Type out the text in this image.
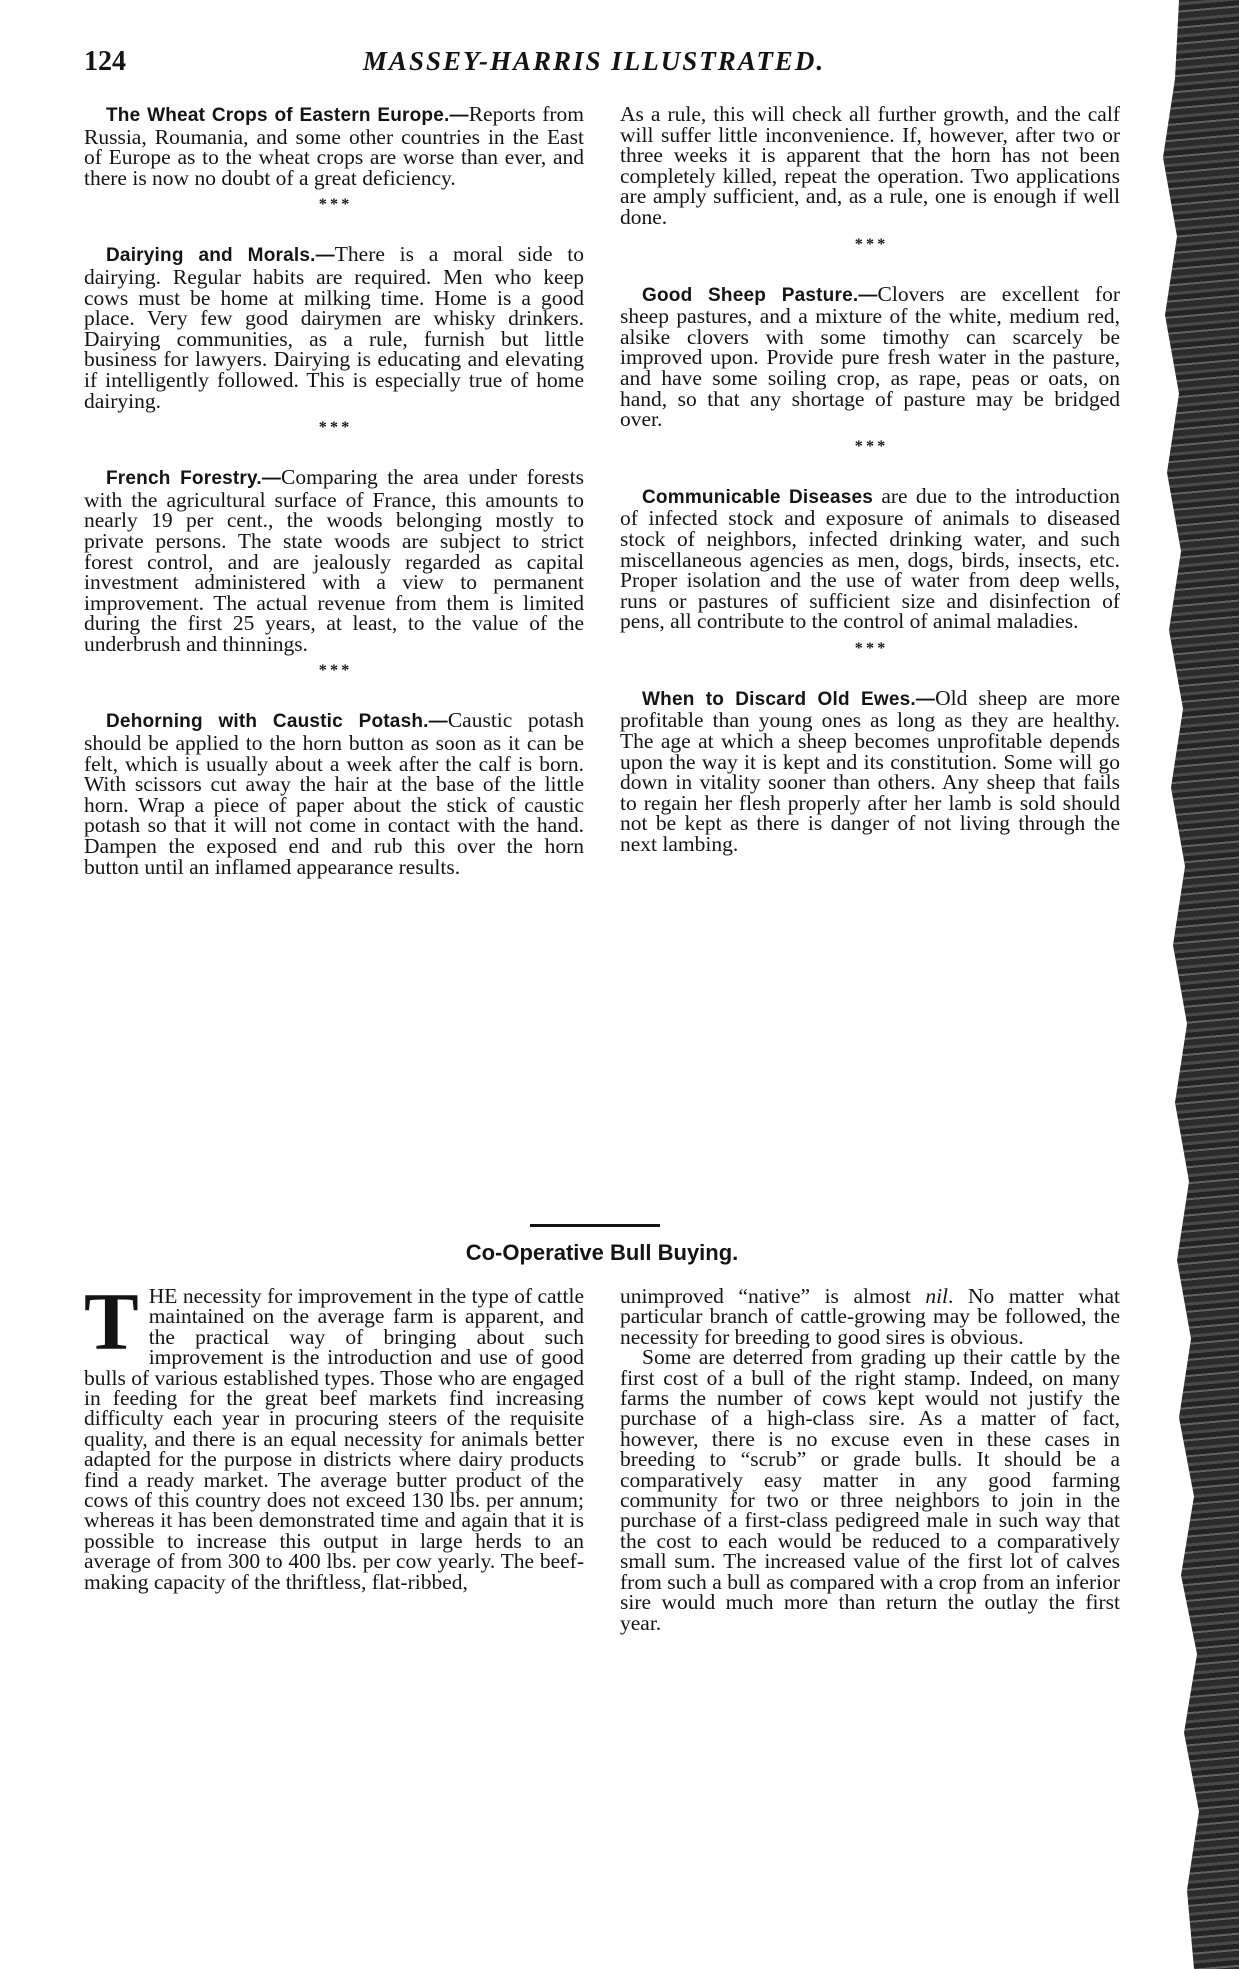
124	MASSEY-HARRIS ILLUSTRATED.

The Wheat Crops of Eastern Europe.—Reports from Russia, Roumania, and some other countries in the East of Europe as to the wheat crops are worse than ever, and there is now no doubt of a great deficiency.

* * *

Dairying and Morals.—There is a moral side to dairying. Regular habits are required. Men who keep cows must be home at milking time. Home is a good place. Very few good dairymen are whisky drinkers. Dairying communities, as a rule, furnish but little business for lawyers. Dairying is educating and elevating if intelligently followed. This is especially true of home dairying.

* * *

French Forestry.—Comparing the area under forests with the agricultural surface of France, this amounts to nearly 19 per cent., the woods belonging mostly to private persons. The state woods are subject to strict forest control, and are jealously regarded as capital investment administered with a view to permanent improvement. The actual revenue from them is limited during the first 25 years, at least, to the value of the underbrush and thinnings.

* * *

Dehorning with Caustic Potash.—Caustic potash should be applied to the horn button as soon as it can be felt, which is usually about a week after the calf is born. With scissors cut away the hair at the base of the little horn. Wrap a piece of paper about the stick of caustic potash so that it will not come in contact with the hand. Dampen the exposed end and rub this over the horn button until an inflamed appearance results.

As a rule, this will check all further growth, and the calf will suffer little inconvenience. If, however, after two or three weeks it is apparent that the horn has not been completely killed, repeat the operation. Two applications are amply sufficient, and, as a rule, one is enough if well done.

* * *

Good Sheep Pasture.—Clovers are excellent for sheep pastures, and a mixture of the white, medium red, alsike clovers with some timothy can scarcely be improved upon. Provide pure fresh water in the pasture, and have some soiling crop, as rape, peas or oats, on hand, so that any shortage of pasture may be bridged over.

* * *

Communicable Diseases are due to the introduction of infected stock and exposure of animals to diseased stock of neighbors, infected drinking water, and such miscellaneous agencies as men, dogs, birds, insects, etc. Proper isolation and the use of water from deep wells, runs or pastures of sufficient size and disinfection of pens, all contribute to the control of animal maladies.

* * *

When to Discard Old Ewes.—Old sheep are more profitable than young ones as long as they are healthy. The age at which a sheep becomes unprofitable depends upon the way it is kept and its constitution. Some will go down in vitality sooner than others. Any sheep that fails to regain her flesh properly after her lamb is sold should not be kept as there is danger of not living through the next lambing.

Co-Operative Bull Buying.

THE necessity for improvement in the type of cattle maintained on the average farm is apparent, and the practical way of bringing about such improvement is the introduction and use of good bulls of various established types. Those who are engaged in feeding for the great beef markets find increasing difficulty each year in procuring steers of the requisite quality, and there is an equal necessity for animals better adapted for the purpose in districts where dairy products find a ready market. The average butter product of the cows of this country does not exceed 130 lbs. per annum; whereas it has been demonstrated time and again that it is possible to increase this output in large herds to an average of from 300 to 400 lbs. per cow yearly. The beef-making capacity of the thriftless, flat-ribbed,

unimproved “native” is almost nil. No matter what particular branch of cattle-growing may be followed, the necessity for breeding to good sires is obvious.

Some are deterred from grading up their cattle by the first cost of a bull of the right stamp. Indeed, on many farms the number of cows kept would not justify the purchase of a high-class sire. As a matter of fact, however, there is no excuse even in these cases in breeding to “scrub” or grade bulls. It should be a comparatively easy matter in any good farming community for two or three neighbors to join in the purchase of a first-class pedigreed male in such way that the cost to each would be reduced to a comparatively small sum. The increased value of the first lot of calves from such a bull as compared with a crop from an inferior sire would much more than return the outlay the first year.
